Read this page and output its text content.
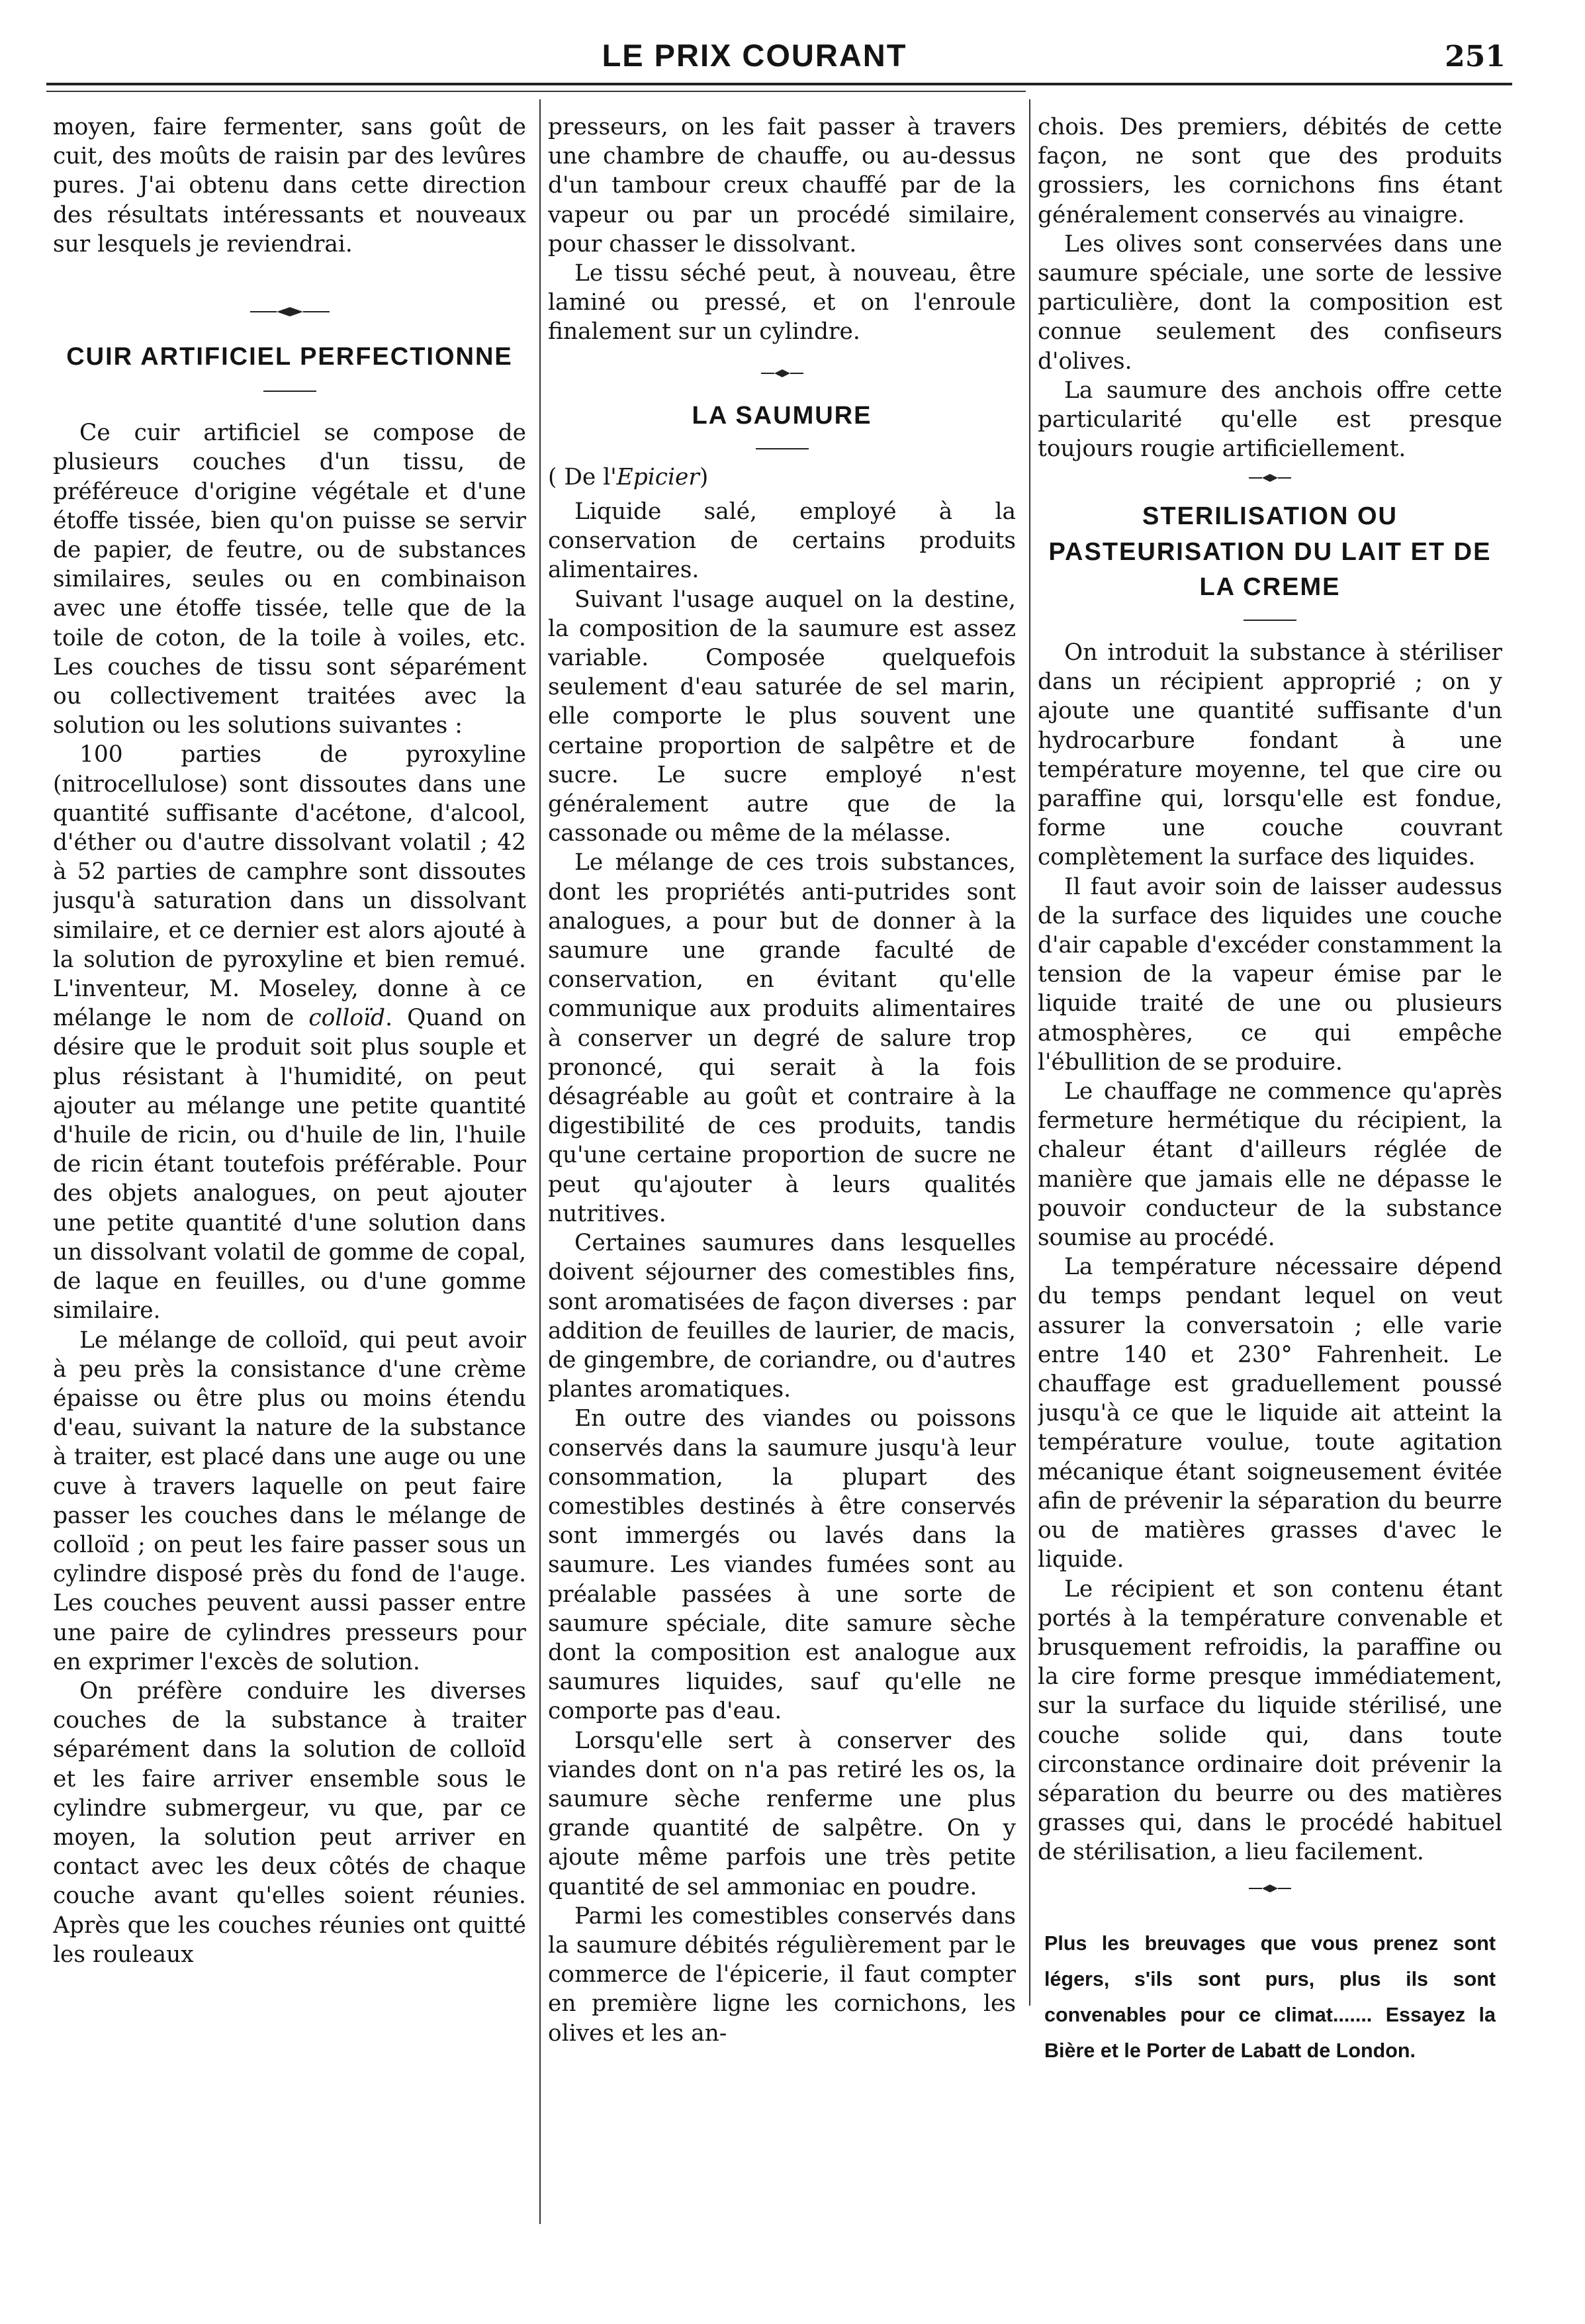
LE PRIX COURANT	251

moyen, faire fermenter, sans goût de cuit, des moûts de raisin par des levûres pures. J'ai obtenu dans cette direction des résultats intéressants et nouveaux sur lesquels je reviendrai.

CUIR ARTIFICIEL PERFECTIONNE

Ce cuir artificiel se compose de plusieurs couches d'un tissu, de préféreuce d'origine végétale et d'une étoffe tissée, bien qu'on puisse se servir de papier, de feutre, ou de substances similaires, seules ou en combinaison avec une étoffe tissée, telle que de la toile de coton, de la toile à voiles, etc. Les couches de tissu sont séparément ou collectivement traitées avec la solution ou les solutions suivantes :

100 parties de pyroxyline (nitrocellulose) sont dissoutes dans une quantité suffisante d'acétone, d'alcool, d'éther ou d'autre dissolvant volatil ; 42 à 52 parties de camphre sont dissoutes jusqu'à saturation dans un dissolvant similaire, et ce dernier est alors ajouté à la solution de pyroxyline et bien remué. L'inventeur, M. Moseley, donne à ce mélange le nom de colloïd. Quand on désire que le produit soit plus souple et plus résistant à l'humidité, on peut ajouter au mélange une petite quantité d'huile de ricin, ou d'huile de lin, l'huile de ricin étant toutefois préférable. Pour des objets analogues, on peut ajouter une petite quantité d'une solution dans un dissolvant volatil de gomme de copal, de laque en feuilles, ou d'une gomme similaire.

Le mélange de colloïd, qui peut avoir à peu près la consistance d'une crème épaisse ou être plus ou moins étendu d'eau, suivant la nature de la substance à traiter, est placé dans une auge ou une cuve à travers laquelle on peut faire passer les couches dans le mélange de colloïd ; on peut les faire passer sous un cylindre disposé près du fond de l'auge. Les couches peuvent aussi passer entre une paire de cylindres presseurs pour en exprimer l'excès de solution.

On préfère conduire les diverses couches de la substance à traiter séparément dans la solution de colloïd et les faire arriver ensemble sous le cylindre submergeur, vu que, par ce moyen, la solution peut arriver en contact avec les deux côtés de chaque couche avant qu'elles soient réunies. Après que les couches réunies ont quitté les rouleaux

presseurs, on les fait passer à travers une chambre de chauffe, ou au-dessus d'un tambour creux chauffé par de la vapeur ou par un procédé similaire, pour chasser le dissolvant.

Le tissu séché peut, à nouveau, être laminé ou pressé, et on l'enroule finalement sur un cylindre.

LA SAUMURE

( De l'Epicier)

Liquide salé, employé à la conservation de certains produits alimentaires.

Suivant l'usage auquel on la destine, la composition de la saumure est assez variable. Composée quelquefois seulement d'eau saturée de sel marin, elle comporte le plus souvent une certaine proportion de salpêtre et de sucre. Le sucre employé n'est généralement autre que de la cassonade ou même de la mélasse.

Le mélange de ces trois substances, dont les propriétés anti-putrides sont analogues, a pour but de donner à la saumure une grande faculté de conservation, en évitant qu'elle communique aux produits alimentaires à conserver un degré de salure trop prononcé, qui serait à la fois désagréable au goût et contraire à la digestibilité de ces produits, tandis qu'une certaine proportion de sucre ne peut qu'ajouter à leurs qualités nutritives.

Certaines saumures dans lesquelles doivent séjourner des comestibles fins, sont aromatisées de façon diverses : par addition de feuilles de laurier, de macis, de gingembre, de coriandre, ou d'autres plantes aromatiques.

En outre des viandes ou poissons conservés dans la saumure jusqu'à leur consommation, la plupart des comestibles destinés à être conservés sont immergés ou lavés dans la saumure. Les viandes fumées sont au préalable passées à une sorte de saumure spéciale, dite samure sèche dont la composition est analogue aux saumures liquides, sauf qu'elle ne comporte pas d'eau.

Lorsqu'elle sert à conserver des viandes dont on n'a pas retiré les os, la saumure sèche renferme une plus grande quantité de salpêtre. On y ajoute même parfois une très petite quantité de sel ammoniac en poudre.

Parmi les comestibles conservés dans la saumure débités régulièrement par le commerce de l'épicerie, il faut compter en première ligne les cornichons, les olives et les an-

chois. Des premiers, débités de cette façon, ne sont que des produits grossiers, les cornichons fins étant généralement conservés au vinaigre.

Les olives sont conservées dans une saumure spéciale, une sorte de lessive particulière, dont la composition est connue seulement des confiseurs d'olives.

La saumure des anchois offre cette particularité qu'elle est presque toujours rougie artificiellement.

STERILISATION OU PASTEURISATION DU LAIT ET DE LA CREME

On introduit la substance à stériliser dans un récipient approprié ; on y ajoute une quantité suffisante d'un hydrocarbure fondant à une température moyenne, tel que cire ou paraffine qui, lorsqu'elle est fondue, forme une couche couvrant complètement la surface des liquides.

Il faut avoir soin de laisser audessus de la surface des liquides une couche d'air capable d'excéder constamment la tension de la vapeur émise par le liquide traité de une ou plusieurs atmosphères, ce qui empêche l'ébullition de se produire.

Le chauffage ne commence qu'après fermeture hermétique du récipient, la chaleur étant d'ailleurs réglée de manière que jamais elle ne dépasse le pouvoir conducteur de la substance soumise au procédé.

La température nécessaire dépend du temps pendant lequel on veut assurer la conversatoin ; elle varie entre 140 et 230° Fahrenheit. Le chauffage est graduellement poussé jusqu'à ce que le liquide ait atteint la température voulue, toute agitation mécanique étant soigneusement évitée afin de prévenir la séparation du beurre ou de matières grasses d'avec le liquide.

Le récipient et son contenu étant portés à la température convenable et brusquement refroidis, la paraffine ou la cire forme presque immédiatement, sur la surface du liquide stérilisé, une couche solide qui, dans toute circonstance ordinaire doit prévenir la séparation du beurre ou des matières grasses qui, dans le procédé habituel de stérilisation, a lieu facilement.

Plus les breuvages que vous prenez sont légers, s'ils sont purs, plus ils sont convenables pour ce climat....... Essayez la Bière et le Porter de Labatt de London.
